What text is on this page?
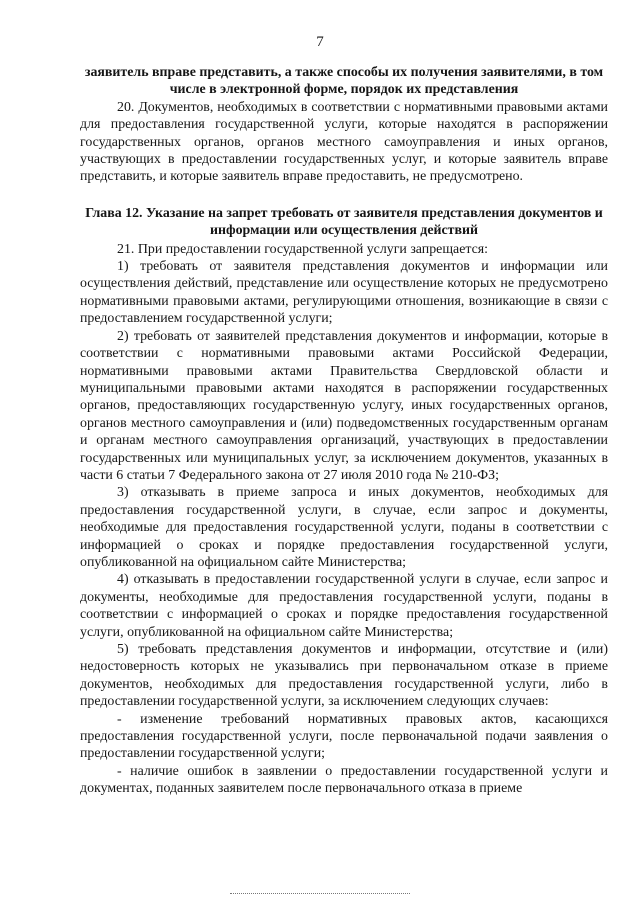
7
заявитель вправе представить, а также способы их получения заявителями, в том числе в электронной форме, порядок их представления

20. Документов, необходимых в соответствии с нормативными правовыми актами для предоставления государственной услуги, которые находятся в распоряжении государственных органов, органов местного самоуправления и иных органов, участвующих в предоставлении государственных услуг, и которые заявитель вправе представить, и которые заявитель вправе предоставить, не предусмотрено.

Глава 12. Указание на запрет требовать от заявителя представления документов и информации или осуществления действий

21. При предоставлении государственной услуги запрещается:

1) требовать от заявителя представления документов и информации или осуществления действий, представление или осуществление которых не предусмотрено нормативными правовыми актами, регулирующими отношения, возникающие в связи с предоставлением государственной услуги;

2) требовать от заявителей представления документов и информации, которые в соответствии с нормативными правовыми актами Российской Федерации, нормативными правовыми актами Правительства Свердловской области и муниципальными правовыми актами находятся в распоряжении государственных органов, предоставляющих государственную услугу, иных государственных органов, органов местного самоуправления и (или) подведомственных государственным органам и органам местного самоуправления организаций, участвующих в предоставлении государственных или муниципальных услуг, за исключением документов, указанных в части 6 статьи 7 Федерального закона от 27 июля 2010 года № 210-ФЗ;

3) отказывать в приеме запроса и иных документов, необходимых для предоставления государственной услуги, в случае, если запрос и документы, необходимые для предоставления государственной услуги, поданы в соответствии с информацией о сроках и порядке предоставления государственной услуги, опубликованной на официальном сайте Министерства;

4) отказывать в предоставлении государственной услуги в случае, если запрос и документы, необходимые для предоставления государственной услуги, поданы в соответствии с информацией о сроках и порядке предоставления государственной услуги, опубликованной на официальном сайте Министерства;

5) требовать представления документов и информации, отсутствие и (или) недостоверность которых не указывались при первоначальном отказе в приеме документов, необходимых для предоставления государственной услуги, либо в предоставлении государственной услуги, за исключением следующих случаев:

- изменение требований нормативных правовых актов, касающихся предоставления государственной услуги, после первоначальной подачи заявления о предоставлении государственной услуги;

- наличие ошибок в заявлении о предоставлении государственной услуги и документах, поданных заявителем после первоначального отказа в приеме
